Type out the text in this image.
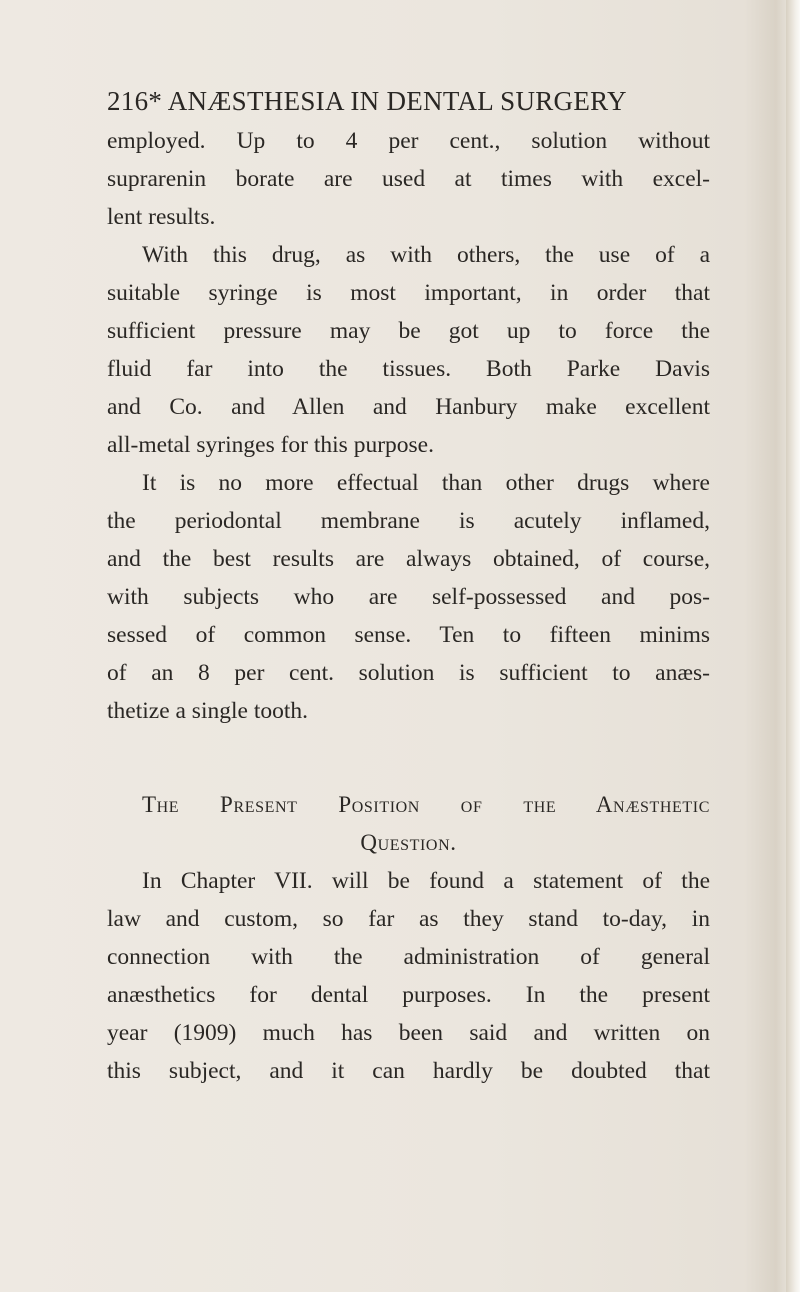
216* ANÆSTHESIA IN DENTAL SURGERY
employed. Up to 4 per cent., solution without
suprarenin borate are used at times with excel-
lent results.
With this drug, as with others, the use of a
suitable syringe is most important, in order that
sufficient pressure may be got up to force the
fluid far into the tissues. Both Parke Davis
and Co. and Allen and Hanbury make excellent
all-metal syringes for this purpose.
It is no more effectual than other drugs where
the periodontal membrane is acutely inflamed,
and the best results are always obtained, of course,
with subjects who are self-possessed and pos-
sessed of common sense. Ten to fifteen minims
of an 8 per cent. solution is sufficient to anæs-
thetize a single tooth.
The Present Position of the Anæsthetic
Question.
In Chapter VII. will be found a statement of the
law and custom, so far as they stand to-day, in
connection with the administration of general
anæsthetics for dental purposes. In the present
year (1909) much has been said and written on
this subject, and it can hardly be doubted that
